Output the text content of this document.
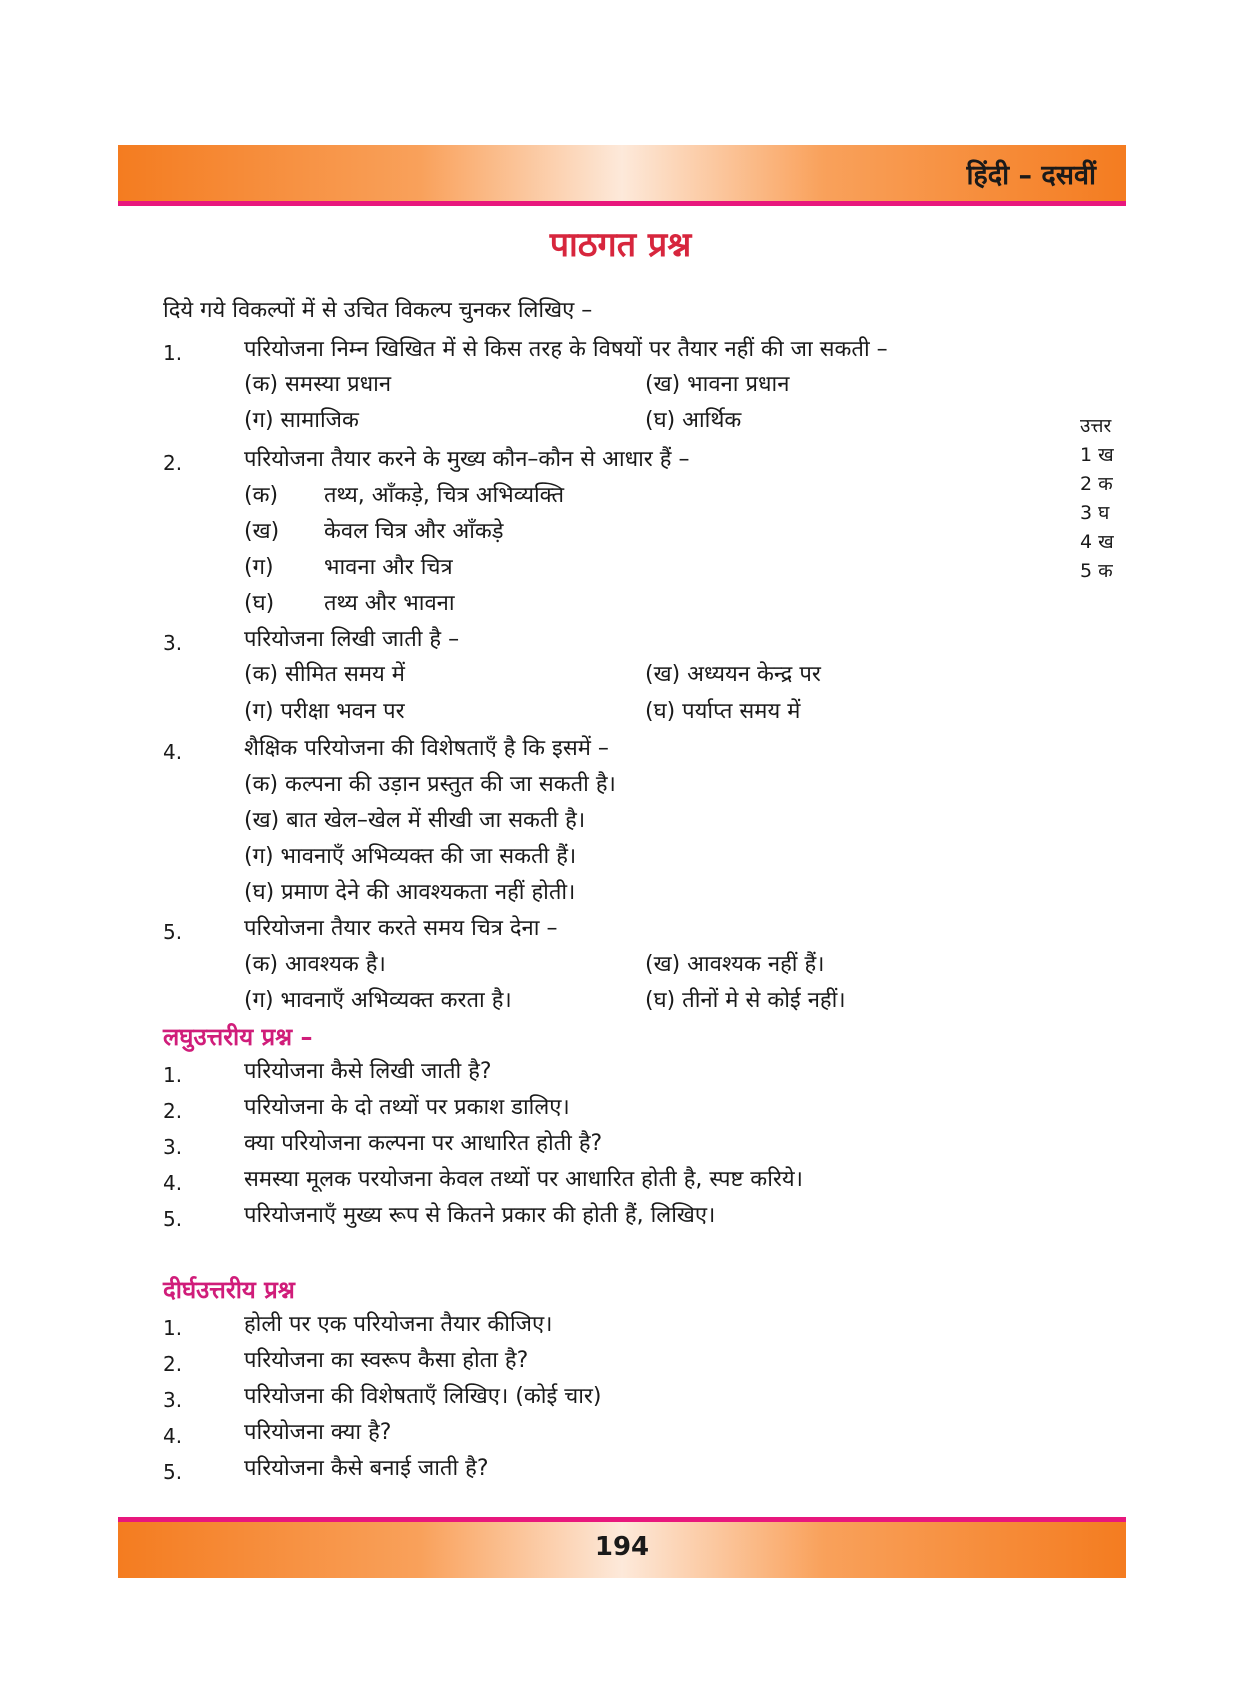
हिंदी – दसवीं
पाठगत प्रश्न
दिये गये विकल्पों में से उचित विकल्प चुनकर लिखिए –
1.	परियोजना निम्न खिखित में से किस तरह के विषयों पर तैयार नहीं की जा सकती –
(क) समस्या प्रधान	(ख) भावना प्रधान
(ग) सामाजिक	(घ) आर्थिक
2.	परियोजना तैयार करने के मुख्य कौन–कौन से आधार हैं –
(क) तथ्य, आँकड़े, चित्र अभिव्यक्ति
(ख) केवल चित्र और आँकड़े
(ग) भावना और चित्र
(घ) तथ्य और भावना
3.	परियोजना लिखी जाती है –
(क) सीमित समय में	(ख) अध्ययन केन्द्र पर
(ग) परीक्षा भवन पर	(घ) पर्याप्त समय में
4.	शैक्षिक परियोजना की विशेषताएँ है कि इसमें –
(क) कल्पना की उड़ान प्रस्तुत की जा सकती है।
(ख) बात खेल–खेल में सीखी जा सकती है।
(ग) भावनाएँ अभिव्यक्त की जा सकती हैं।
(घ) प्रमाण देने की आवश्यकता नहीं होती।
5.	परियोजना तैयार करते समय चित्र देना –
(क) आवश्यक है।	(ख) आवश्यक नहीं हैं।
(ग) भावनाएँ अभिव्यक्त करता है।	(घ) तीनों मे से कोई नहीं।
उत्तर
1 ख
2 क
3 घ
4 ख
5 क
लघुउत्तरीय प्रश्न –
1.	परियोजना कैसे लिखी जाती है?
2.	परियोजना के दो तथ्यों पर प्रकाश डालिए।
3.	क्या परियोजना कल्पना पर आधारित होती है?
4.	समस्या मूलक परयोजना केवल तथ्यों पर आधारित होती है, स्पष्ट करिये।
5.	परियोजनाएँ मुख्य रूप से कितने प्रकार की होती हैं, लिखिए।
दीर्घउत्तरीय प्रश्न
1.	होली पर एक परियोजना तैयार कीजिए।
2.	परियोजना का स्वरूप कैसा होता है?
3.	परियोजना की विशेषताएँ लिखिए। (कोई चार)
4.	परियोजना क्या है?
5.	परियोजना कैसे बनाई जाती है?
194
